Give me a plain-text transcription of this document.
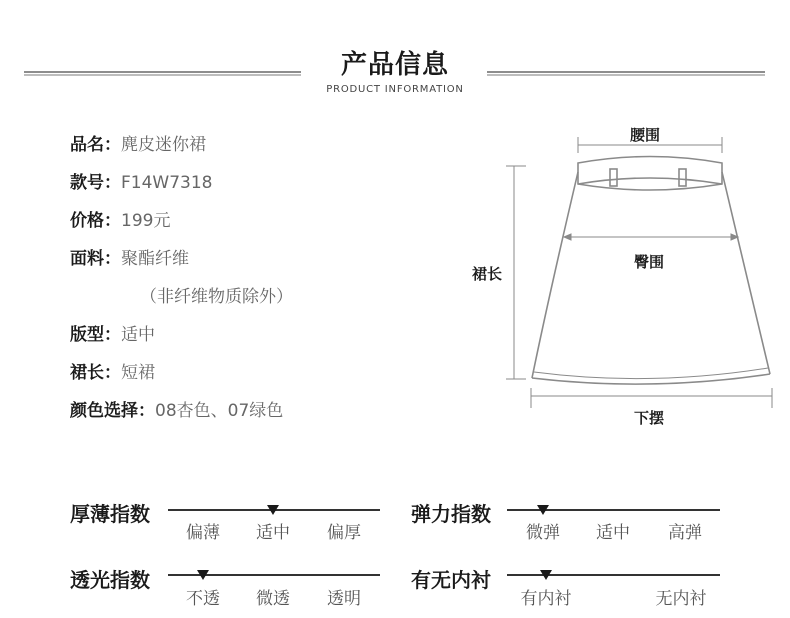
产品信息
PRODUCT INFORMATION
品名：麂皮迷你裙
款号：F14W7318
价格：199元
面料：聚酯纤维
（非纤维物质除外）
版型：适中
裙长：短裙
颜色选择：08杏色、07绿色
腰围
臀围
裙长
下摆
厚薄指数
偏薄 适中 偏厚
弹力指数
微弹 适中 高弹
透光指数
不透 微透 透明
有无内衬
有内衬	无内衬
